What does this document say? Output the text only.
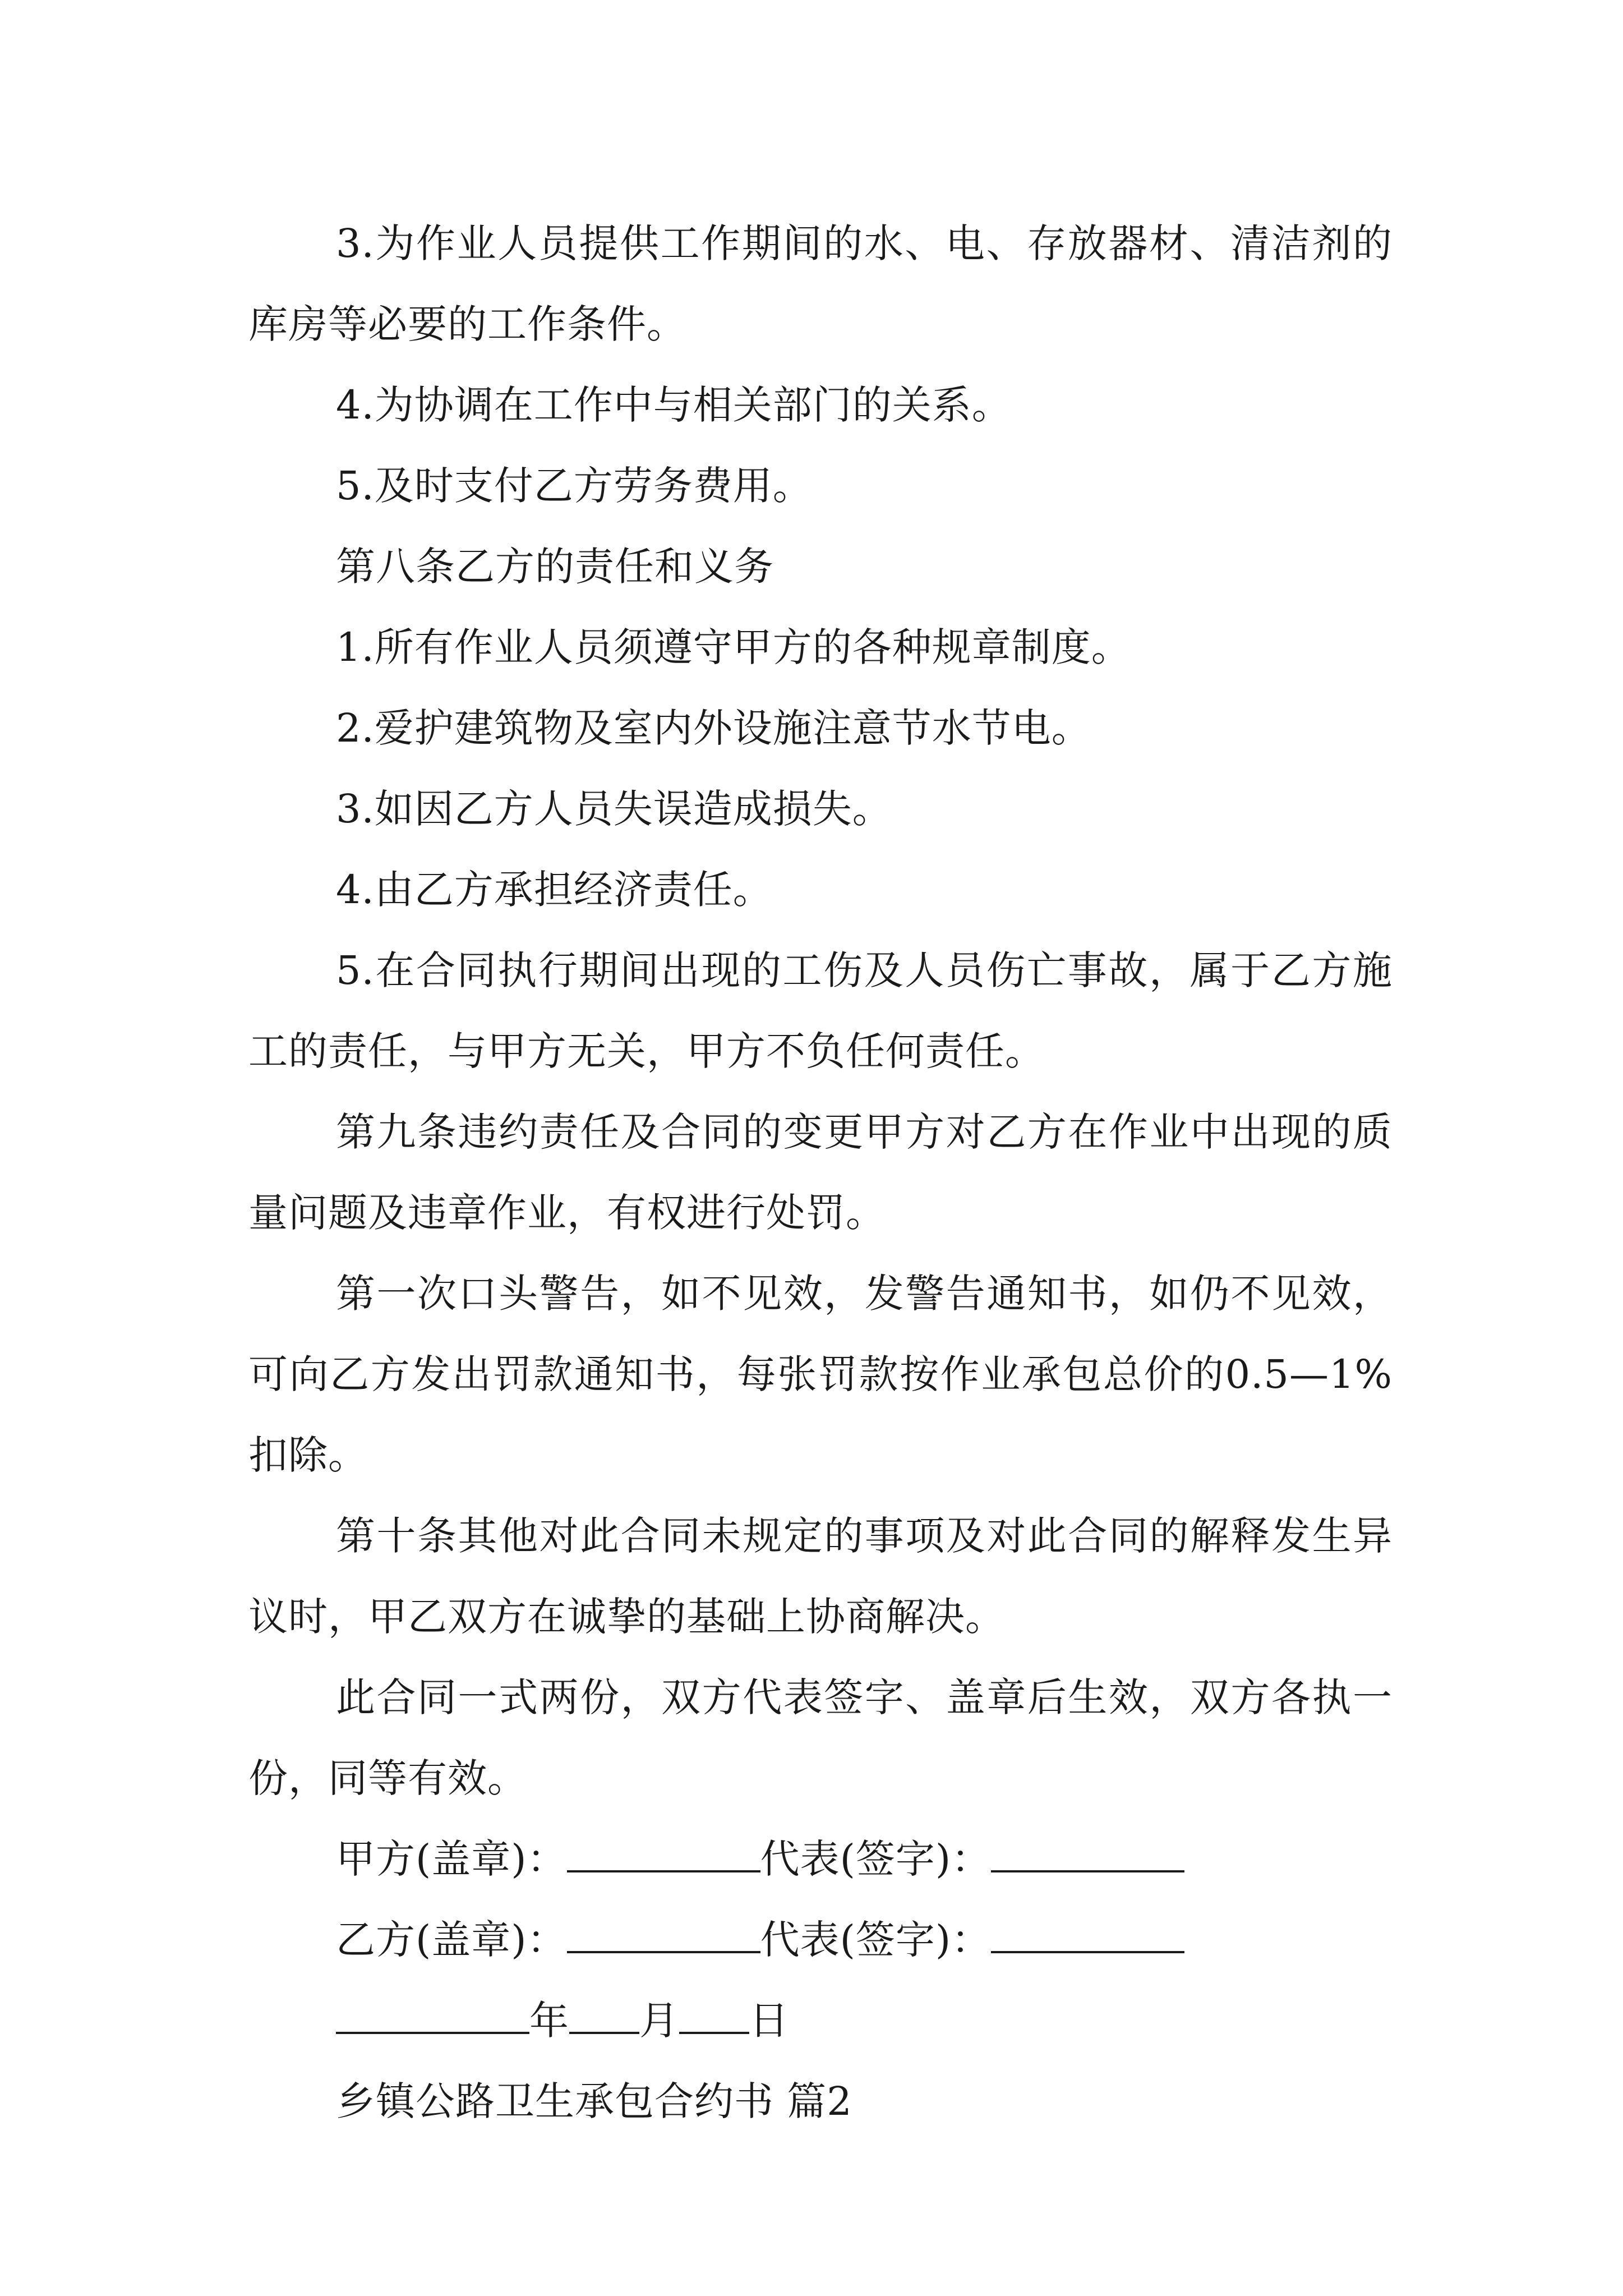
3.为作业人员提供工作期间的水、电、存放器材、清洁剂的库房等必要的工作条件。

4.为协调在工作中与相关部门的关系。

5.及时支付乙方劳务费用。

第八条乙方的责任和义务

1.所有作业人员须遵守甲方的各种规章制度。

2.爱护建筑物及室内外设施注意节水节电。

3.如因乙方人员失误造成损失。

4.由乙方承担经济责任。

5.在合同执行期间出现的工伤及人员伤亡事故，属于乙方施工的责任，与甲方无关，甲方不负任何责任。

第九条违约责任及合同的变更甲方对乙方在作业中出现的质量问题及违章作业，有权进行处罚。

第一次口头警告，如不见效，发警告通知书，如仍不见效，可向乙方发出罚款通知书，每张罚款按作业承包总价的0.5—1%扣除。

第十条其他对此合同未规定的事项及对此合同的解释发生异议时，甲乙双方在诚挚的基础上协商解决。

此合同一式两份，双方代表签字、盖章后生效，双方各执一份，同等有效。

甲方(盖章)：	代表(签字)：

乙方(盖章)：	代表(签字)：

年 月 日

乡镇公路卫生承包合约书 篇2
